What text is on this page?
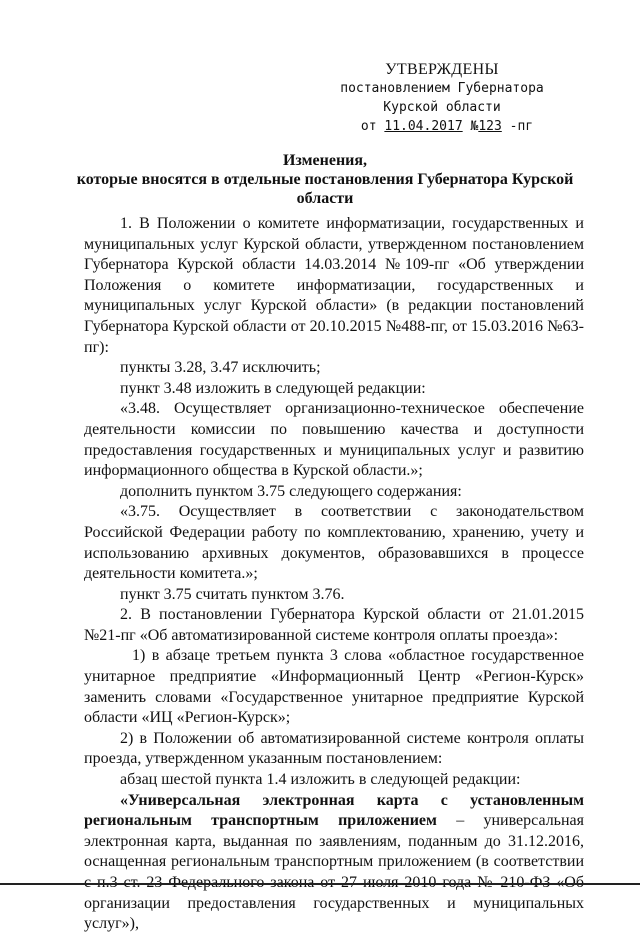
УТВЕРЖДЕНЫ
постановлением Губернатора
Курской области
от 11.04.2017 №123 -пг
Изменения,
которые вносятся в отдельные постановления Губернатора Курской
области

1. В Положении о комитете информатизации, государственных и муниципальных услуг Курской области, утвержденном постановлением Губернатора Курской области 14.03.2014 №109-пг «Об утверждении Положения о комитете информатизации, государственных и муниципальных услуг Курской области» (в редакции постановлений Губернатора Курской области от 20.10.2015 №488-пг, от 15.03.2016 №63-пг):

пункты 3.28, 3.47 исключить;

пункт 3.48 изложить в следующей редакции:

«3.48. Осуществляет организационно-техническое обеспечение деятельности комиссии по повышению качества и доступности предоставления государственных и муниципальных услуг и развитию информационного общества в Курской области.»;

дополнить пунктом 3.75 следующего содержания:

«3.75. Осуществляет в соответствии с законодательством Российской Федерации работу по комплектованию, хранению, учету и использованию архивных документов, образовавшихся в процессе деятельности комитета.»;

пункт 3.75 считать пунктом 3.76.

2. В постановлении Губернатора Курской области от 21.01.2015 №21-пг «Об автоматизированной системе контроля оплаты проезда»:

1) в абзаце третьем пункта 3 слова «областное государственное унитарное предприятие «Информационный Центр «Регион-Курск» заменить словами «Государственное унитарное предприятие Курской области «ИЦ «Регион-Курск»;

2) в Положении об автоматизированной системе контроля оплаты проезда, утвержденном указанным постановлением:

абзац шестой пункта 1.4 изложить в следующей редакции:

«Универсальная электронная карта с установленным региональным транспортным приложением – универсальная электронная карта, выданная по заявлениям, поданным до 31.12.2016, оснащенная региональным транспортным приложением (в соответствии организации предоставления государственных и муниципальных услуг»),
